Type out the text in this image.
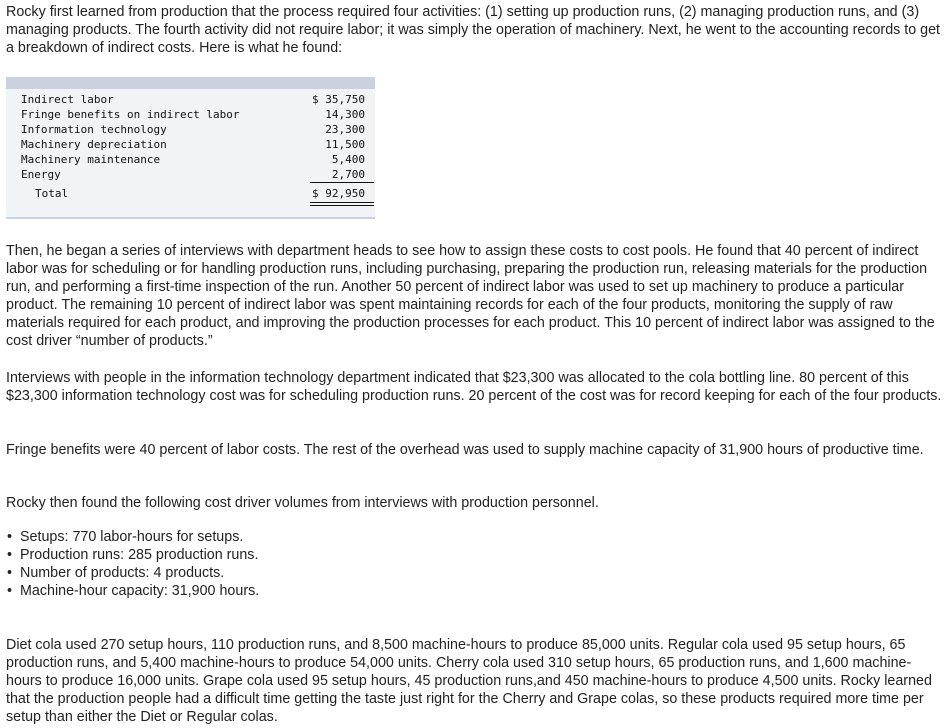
Rocky first learned from production that the process required four activities: (1) setting up production runs, (2) managing production runs, and (3) managing products. The fourth activity did not require labor; it was simply the operation of machinery. Next, he went to the accounting records to get a breakdown of indirect costs. Here is what he found:

Indirect labor	$ 35,750
Fringe benefits on indirect labor	14,300
Information technology	23,300
Machinery depreciation	11,500
Machinery maintenance	5,400
Energy	2,700
Total	$ 92,950

Then, he began a series of interviews with department heads to see how to assign these costs to cost pools. He found that 40 percent of indirect labor was for scheduling or for handling production runs, including purchasing, preparing the production run, releasing materials for the production run, and performing a first-time inspection of the run. Another 50 percent of indirect labor was used to set up machinery to produce a particular product. The remaining 10 percent of indirect labor was spent maintaining records for each of the four products, monitoring the supply of raw materials required for each product, and improving the production processes for each product. This 10 percent of indirect labor was assigned to the cost driver “number of products.”

Interviews with people in the information technology department indicated that $23,300 was allocated to the cola bottling line. 80 percent of this $23,300 information technology cost was for scheduling production runs. 20 percent of the cost was for record keeping for each of the four products.

Fringe benefits were 40 percent of labor costs. The rest of the overhead was used to supply machine capacity of 31,900 hours of productive time.

Rocky then found the following cost driver volumes from interviews with production personnel.

• Setups: 770 labor-hours for setups.
• Production runs: 285 production runs.
• Number of products: 4 products.
• Machine-hour capacity: 31,900 hours.

Diet cola used 270 setup hours, 110 production runs, and 8,500 machine-hours to produce 85,000 units. Regular cola used 95 setup hours, 65 production runs, and 5,400 machine-hours to produce 54,000 units. Cherry cola used 310 setup hours, 65 production runs, and 1,600 machine-hours to produce 16,000 units. Grape cola used 95 setup hours, 45 production runs,and 450 machine-hours to produce 4,500 units. Rocky learned that the production people had a difficult time getting the taste just right for the Cherry and Grape colas, so these products required more time per setup than either the Diet or Regular colas.
